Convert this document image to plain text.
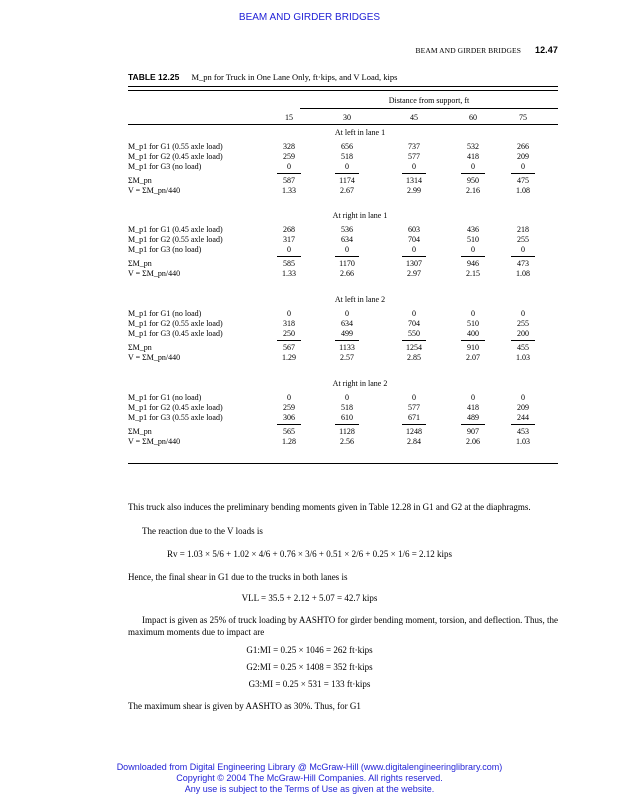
BEAM AND GIRDER BRIDGES
BEAM AND GIRDER BRIDGES 12.47
TABLE 12.25 M_pn for Truck in One Lane Only, ft·kips, and V Load, kips
Distance from support, ft
15	30	45	60	75
At left in lane 1
M_p1 for G1 (0.55 axle load)	328	656	737	532	266
M_p1 for G2 (0.45 axle load)	259	518	577	418	209
M_p1 for G3 (no load)	0	0	0	0	0
ΣM_pn	587	1174	1314	950	475
V = ΣM_pn/440	1.33	2.67	2.99	2.16	1.08
At right in lane 1
M_p1 for G1 (0.45 axle load)	268	536	603	436	218
M_p1 for G2 (0.55 axle load)	317	634	704	510	255
M_p1 for G3 (no load)	0	0	0	0	0
ΣM_pn	585	1170	1307	946	473
V = ΣM_pn/440	1.33	2.66	2.97	2.15	1.08
At left in lane 2
M_p1 for G1 (no load)	0	0	0	0	0
M_p1 for G2 (0.55 axle load)	318	634	704	510	255
M_p1 for G3 (0.45 axle load)	250	499	550	400	200
ΣM_pn	567	1133	1254	910	455
V = ΣM_pn/440	1.29	2.57	2.85	2.07	1.03
At right in lane 2
M_p1 for G1 (no load)	0	0	0	0	0
M_p1 for G2 (0.45 axle load)	259	518	577	418	209
M_p1 for G3 (0.55 axle load)	306	610	671	489	244
ΣM_pn	565	1128	1248	907	453
V = ΣM_pn/440	1.28	2.56	2.84	2.06	1.03
This truck also induces the preliminary bending moments given in Table 12.28 in G1 and G2 at the diaphragms.
The reaction due to the V loads is
Rv = 1.03 × 5/6 + 1.02 × 4/6 + 0.76 × 3/6 + 0.51 × 2/6 + 0.25 × 1/6 = 2.12 kips
Hence, the final shear in G1 due to the trucks in both lanes is
VLL = 35.5 + 2.12 + 5.07 = 42.7 kips
Impact is given as 25% of truck loading by AASHTO for girder bending moment, torsion, and deflection. Thus, the maximum moments due to impact are
G1:MI = 0.25 × 1046 = 262 ft·kips
G2:MI = 0.25 × 1408 = 352 ft·kips
G3:MI = 0.25 × 531 = 133 ft·kips
The maximum shear is given by AASHTO as 30%. Thus, for G1
Downloaded from Digital Engineering Library @ McGraw-Hill (www.digitalengineeringlibrary.com)
Copyright © 2004 The McGraw-Hill Companies. All rights reserved.
Any use is subject to the Terms of Use as given at the website.
